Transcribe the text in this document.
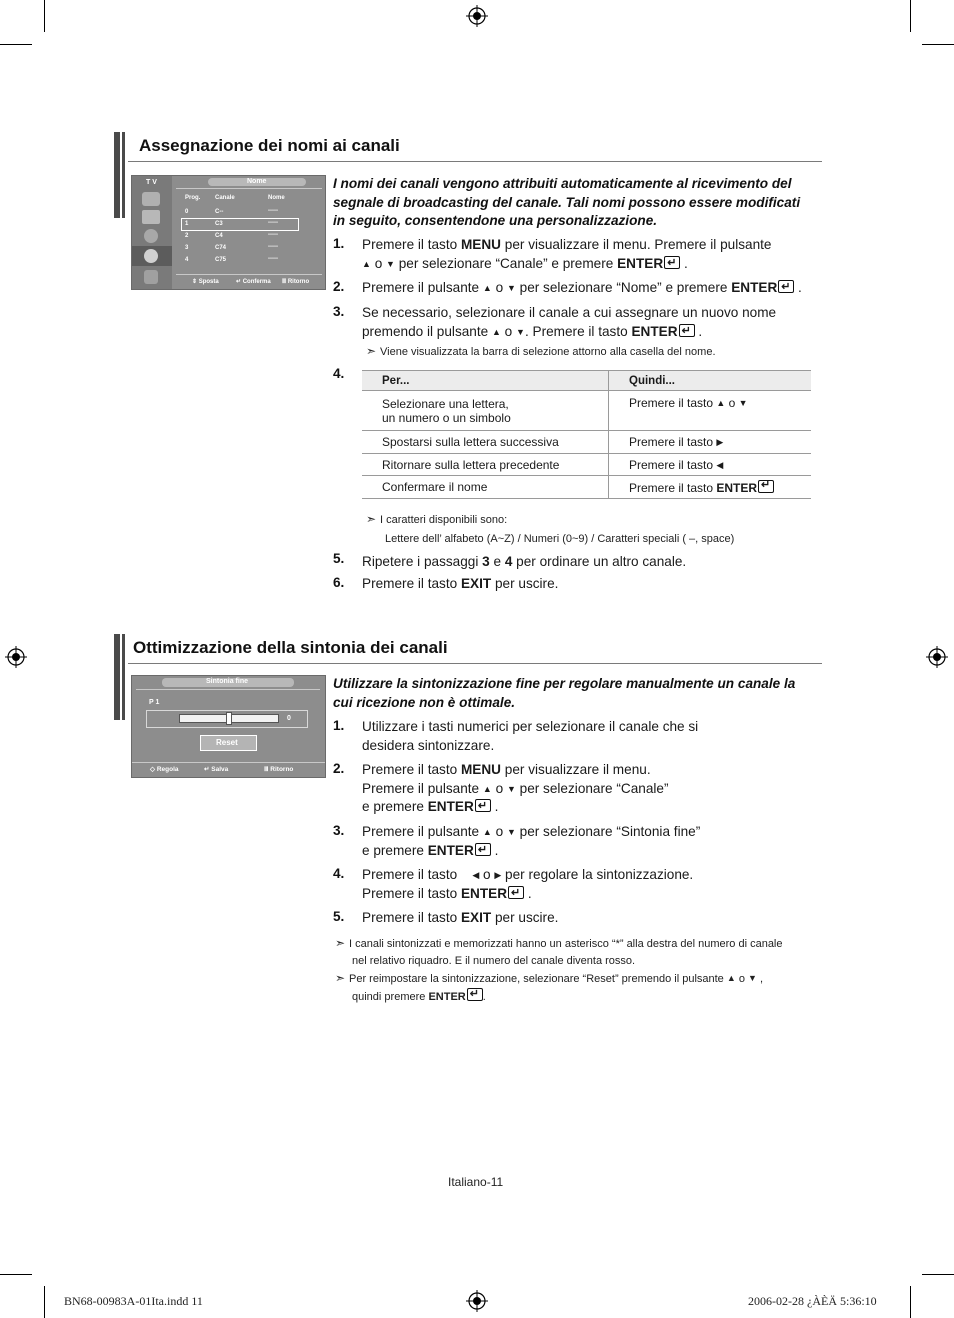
Assegnazione dei nomi ai canali
T V	Nome
Prog. Canale	Nome
0	C--	-----
1	C3	-----
2	C4	-----
3	C74	-----
4	C75	-----
⇕ Sposta	↵ Conferma Ⅲ Ritorno
I nomi dei canali vengono attribuiti automaticamente al ricevimento del segnale di broadcasting del canale. Tali nomi possono essere modificati in seguito, consentendone una personalizzazione.
1. Premere il tasto MENU per visualizzare il menu. Premere il pulsante
▲ o ▼ per selezionare “Canale” e premere ENTER↵ .
2. Premere il pulsante ▲ o ▼ per selezionare “Nome” e premere ENTER↵ .
3. Se necessario, selezionare il canale a cui assegnare un nuovo nome
premendo il pulsante ▲ o ▼. Premere il tasto ENTER↵ .
➣ Viene visualizzata la barra di selezione attorno alla casella del nome.
4.	Per...	Quindi...
Selezionare una lettera,
un numero o un simbolo	Premere il tasto ▲ o ▼
Spostarsi sulla lettera successiva	Premere il tasto ▶
Ritornare sulla lettera precedente	Premere il tasto ◀
Confermare il nome	Premere il tasto ENTER↵
➣ I caratteri disponibili sono:
Lettere dell’ alfabeto (A~Z) / Numeri (0~9) / Caratteri speciali ( –, space)
5. Ripetere i passaggi 3 e 4 per ordinare un altro canale.
6. Premere il tasto EXIT per uscire.
Ottimizzazione della sintonia dei canali
Sintonia fine
P 1
0
Reset
◇ Regola	↵ Salva	Ⅲ Ritorno
Utilizzare la sintonizzazione fine per regolare manualmente un canale la cui ricezione non è ottimale.
1. Utilizzare i tasti numerici per selezionare il canale che si
desidera sintonizzare.
2. Premere il tasto MENU per visualizzare il menu.
Premere il pulsante ▲ o ▼ per selezionare “Canale”
e premere ENTER↵ .
3. Premere il pulsante ▲ o ▼ per selezionare “Sintonia fine”
e premere ENTER↵ .
4. Premere il tasto    ◀ o ▶ per regolare la sintonizzazione.
Premere il tasto ENTER↵ .
5. Premere il tasto EXIT per uscire.
➣ I canali sintonizzati e memorizzati hanno un asterisco “*” alla destra del numero di canale
nel relativo riquadro. E il numero del canale diventa rosso.
➣ Per reimpostare la sintonizzazione, selezionare “Reset” premendo il pulsante ▲ o ▼ ,
quindi premere ENTER ↵ .
Italiano-11
BN68-00983A-01Ita.indd 11	2006-02-28 ¿ÀÈÄ 5:36:10
